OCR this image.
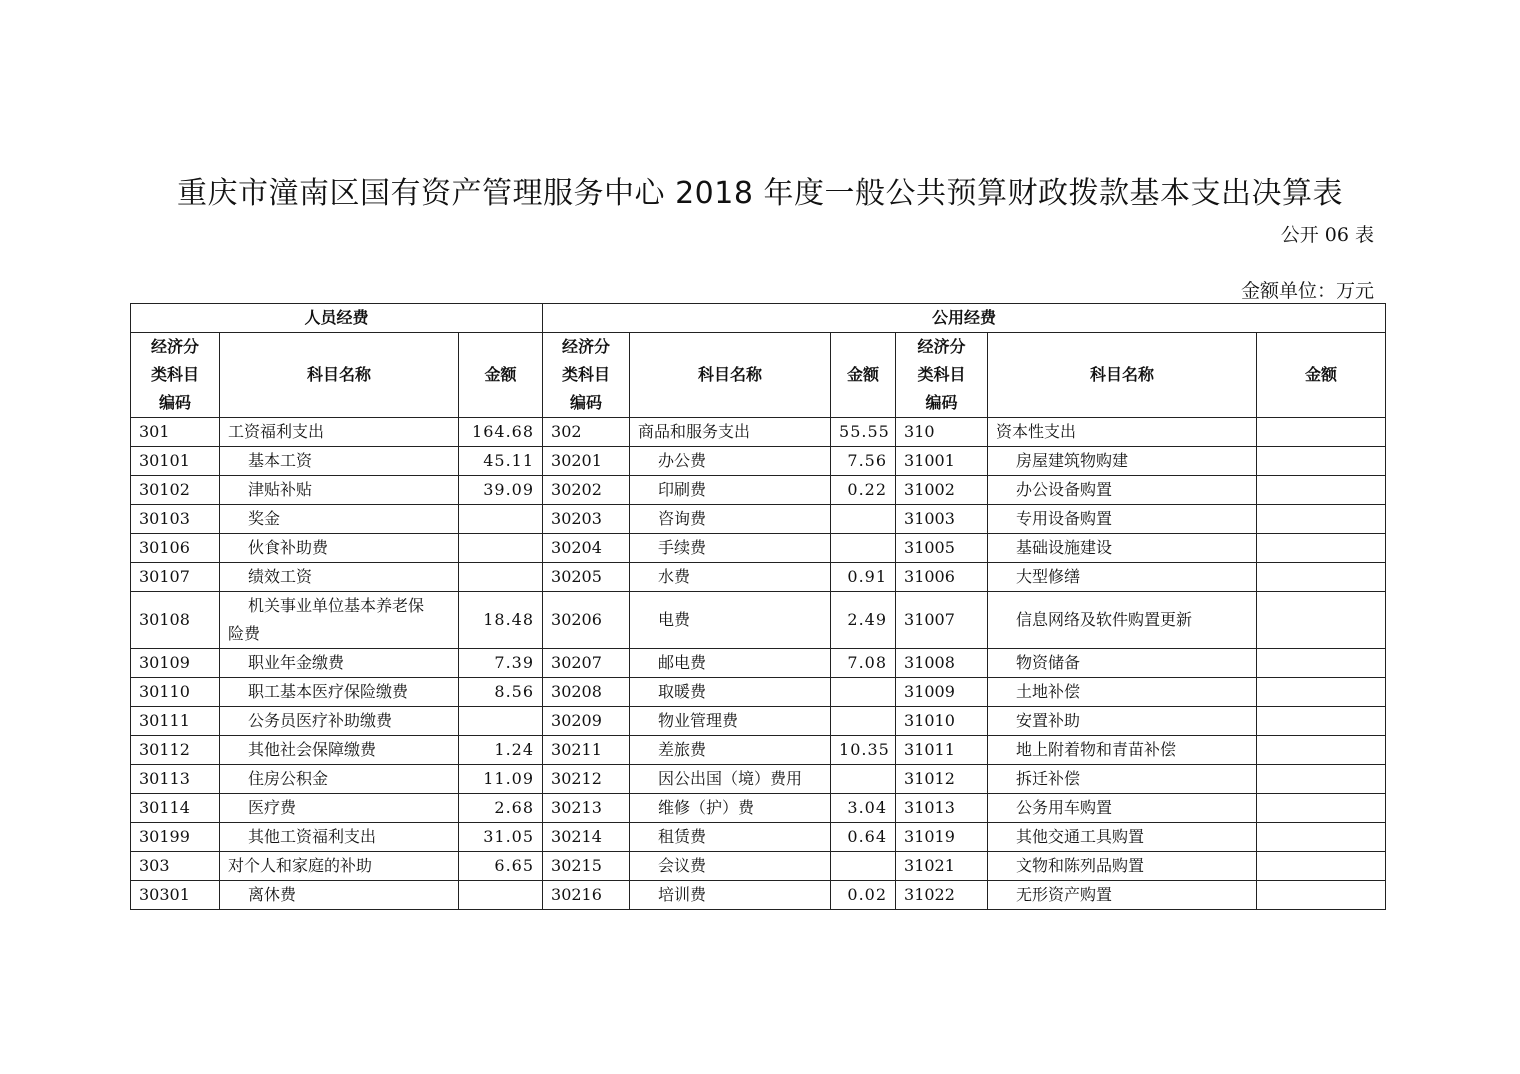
重庆市潼南区国有资产管理服务中心 2018 年度一般公共预算财政拨款基本支出决算表
公开 06 表
金额单位：万元
人员经费			公用经费					
经济分
类科目
编码	科目名称	金额	经济分
类科目
编码	科目名称	金额	经济分
类科目
编码	科目名称	金额
301	工资福利支出	164.68	302	商品和服务支出	55.55	310	资本性支出	
30101	基本工资	45.11	30201	办公费	7.56	31001	房屋建筑物购建	
30102	津贴补贴	39.09	30202	印刷费	0.22	31002	办公设备购置	
30103	奖金		30203	咨询费		31003	专用设备购置	
30106	伙食补助费		30204	手续费		31005	基础设施建设	
30107	绩效工资		30205	水费	0.91	31006	大型修缮	
30108	机关事业单位基本养老保
险费	18.48	30206	电费	2.49	31007	信息网络及软件购置更新	
30109	职业年金缴费	7.39	30207	邮电费	7.08	31008	物资储备	
30110	职工基本医疗保险缴费	8.56	30208	取暖费		31009	土地补偿	
30111	公务员医疗补助缴费		30209	物业管理费		31010	安置补助	
30112	其他社会保障缴费	1.24	30211	差旅费	10.35	31011	地上附着物和青苗补偿	
30113	住房公积金	11.09	30212	因公出国（境）费用		31012	拆迁补偿	
30114	医疗费	2.68	30213	维修（护）费	3.04	31013	公务用车购置	
30199	其他工资福利支出	31.05	30214	租赁费	0.64	31019	其他交通工具购置	
303	对个人和家庭的补助	6.65	30215	会议费		31021	文物和陈列品购置	
30301	离休费		30216	培训费	0.02	31022	无形资产购置	
